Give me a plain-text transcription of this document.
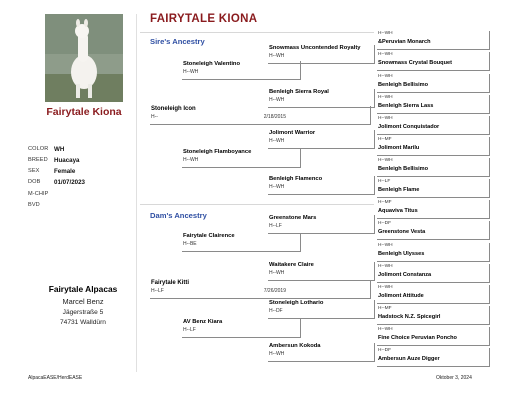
Fairytale Kiona
COLOR WH
BREED Huacaya
SEX Female
DOB 01/07/2023
M-CHIP
BVD
Fairytale Alpacas
Marcel Benz
Jägerstraße 5
74731 Walldürn
FAIRYTALE KIONA
Sire's Ancestry
Dam's Ancestry
Stoneleigh Icon
H--	2/18/2015
Fairytale Kitti
H--LF	7/26/2019
Stoneleigh Valentino
H--WH
Stoneleigh Flamboyance
H--WH
Fairytale Clairence
H--BE
AV Benz Kiara
H--LF
Snowmass Uncontended Royalty
H--WH
Benleigh Sierra Royal
H--WH
Jolimont Warrior
H--WH
Benleigh Flamenco
H--WH
Greenstone Mars
H--LF
Waitakere Claire
H--WH
Stoneleigh Lothario
H--DF
Ambersun Kokoda
H--WH
H--WH
&Peruvian Monarch
H--WH
Snowmass Crystal Bouquet
H--WH
Benleigh Bellisimo
H--WH
Benleigh Sierra Lass
H--WH
Jolimont Conquistador
H--MF
Jolimont Marilu
H--WH
Benleigh Bellisimo
H--LF
Benleigh Flame
H--MF
Aquaviva Titus
H--DF
Greenstone Vesta
H--WH
Benleigh Ulysses
H--WH
Jolimont Constanza
H--WH
Jolimont Attitude
H--MF
Hadstock N.Z. Spicegirl
H--WH
Fine Choice Peruvian Poncho
H--DF
Ambersun Auze Digger
AlpacaEASE/HerdEASE	Oktober 3, 2024
